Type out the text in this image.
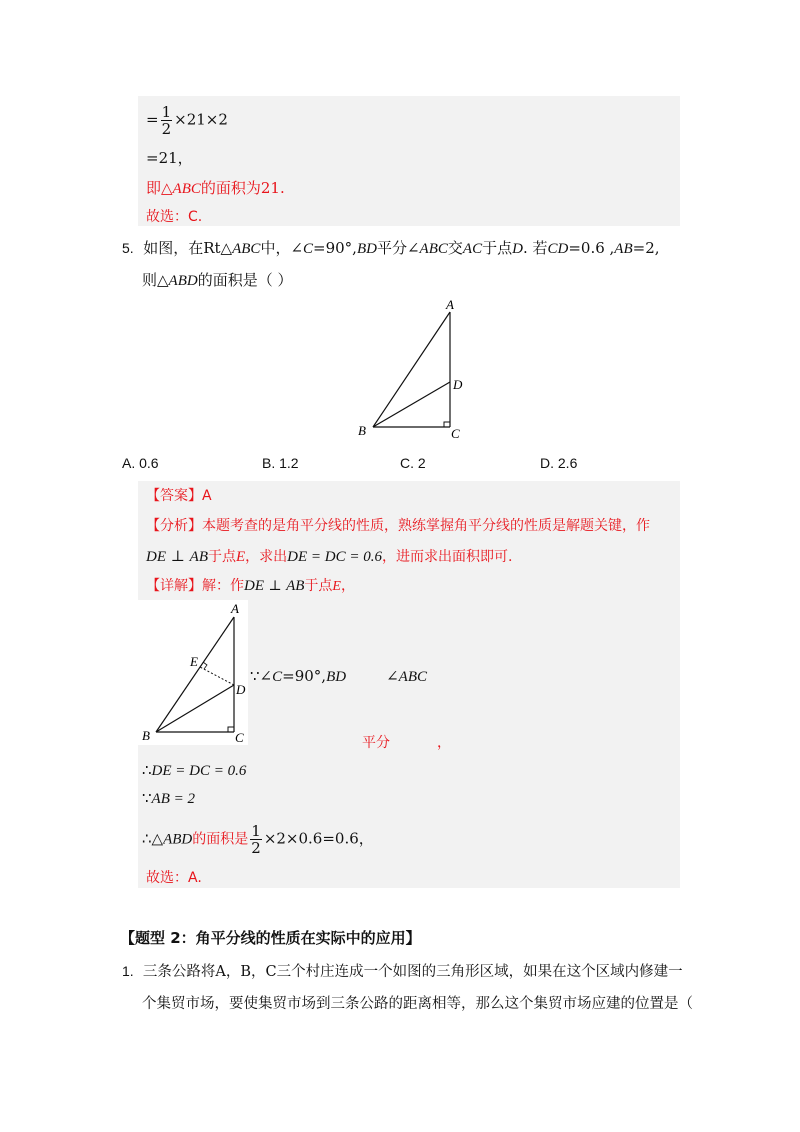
= $\frac{1}{2} \times 21\times 2$
=21，
即△ABC的面积为21.
故选：C.
5. 如图，在Rt△ABC中，∠C=90°,BD平分∠ABC交AC于点D. 若CD=0.6 ,AB=2,
则△ABD的面积是（ ）
A
D
B	C
A. 0.6	B. 1.2	C. 2	D. 2.6
【答案】A
【分析】本题考查的是角平分线的性质，熟练掌握角平分线的性质是解题关键，作
DE ⊥ AB于点E，求出DE = DC = 0.6，进而求出面积即可.
【详解】解：作DE ⊥ AB于点E，
A
E
D
B	C
∵∠C=90°,BD	∠ABC
平分	，
∴DE = DC = 0.6
∵AB = 2
∴△ABD的面积是 $\frac{1}{2} \times 2\times 0.6=0.6$，
故选：A.
【题型 2：角平分线的性质在实际中的应用】
1. 三条公路将A，B，C三个村庄连成一个如图的三角形区域，如果在这个区域内修建一
个集贸市场，要使集贸市场到三条公路的距离相等，那么这个集贸市场应建的位置是（
